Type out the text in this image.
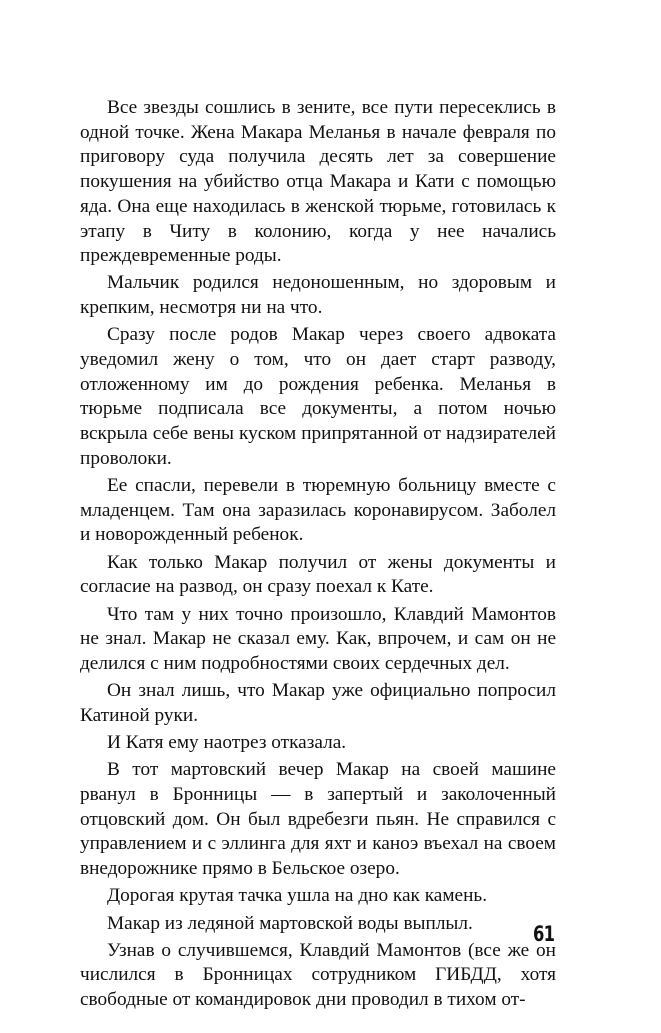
Все звезды сошлись в зените, все пути пересеклись в одной точке. Жена Макара Меланья в начале февраля по приговору суда получила десять лет за совершение покушения на убийство отца Макара и Кати с помощью яда. Она еще находилась в женской тюрьме, готовилась к этапу в Читу в колонию, когда у нее начались преждевременные роды.

Мальчик родился недоношенным, но здоровым и крепким, несмотря ни на что.

Сразу после родов Макар через своего адвоката уведомил жену о том, что он дает старт разводу, отложенному им до рождения ребенка. Меланья в тюрьме подписала все документы, а потом ночью вскрыла себе вены куском припрятанной от надзирателей проволоки.

Ее спасли, перевели в тюремную больницу вместе с младенцем. Там она заразилась коронавирусом. Заболел и новорожденный ребенок.

Как только Макар получил от жены документы и согласие на развод, он сразу поехал к Кате.

Что там у них точно произошло, Клавдий Мамонтов не знал. Макар не сказал ему. Как, впрочем, и сам он не делился с ним подробностями своих сердечных дел.

Он знал лишь, что Макар уже официально попросил Катиной руки.

И Катя ему наотрез отказала.

В тот мартовский вечер Макар на своей машине рванул в Бронницы — в запертый и заколоченный отцовский дом. Он был вдребезги пьян. Не справился с управлением и с эллинга для яхт и каноэ въехал на своем внедорожнике прямо в Бельское озеро.

Дорогая крутая тачка ушла на дно как камень.

Макар из ледяной мартовской воды выплыл.

Узнав о случившемся, Клавдий Мамонтов (все же он числился в Бронницах сотрудником ГИБДД, хотя свободные от командировок дни проводил в тихом от-

61
